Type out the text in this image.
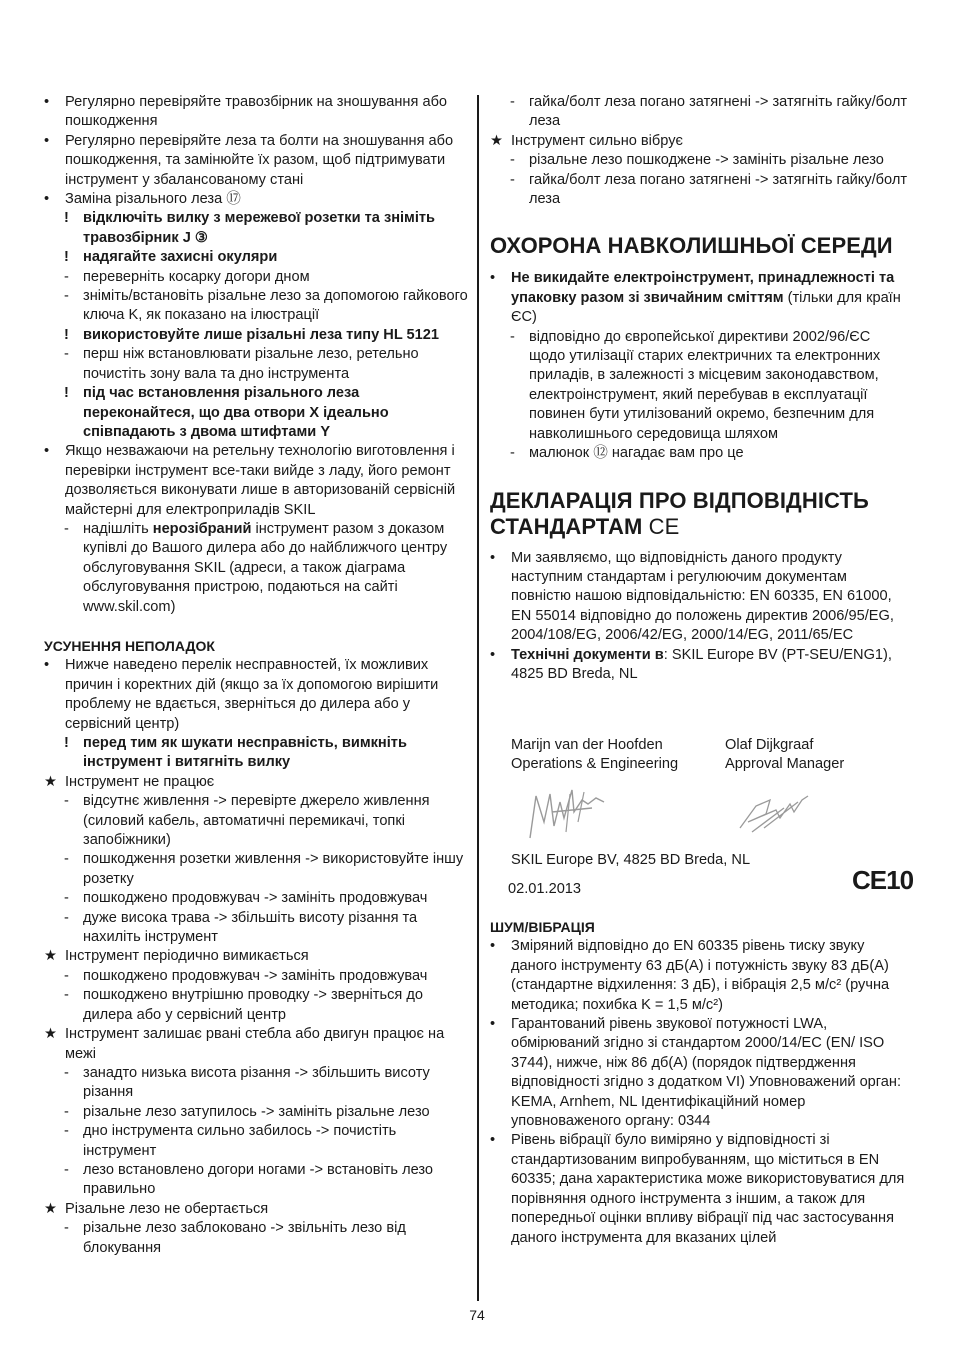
•	Регулярно перевіряйте травозбірник на зношування або пошкодження
•	Регулярно перевіряйте леза та болти на зношування або пошкодження, та замінюйте їх разом, щоб підтримувати інструмент у збалансованому стані
•	Заміна різального леза ⑰
! відключіть вилку з мережевої розетки та зніміть травозбірник J ③
! надягайте захисні окуляри
- переверніть косарку догори дном
- зніміть/встановіть різальне лезо за допомогою гайкового ключа K, як показано на ілюстрації
! використовуйте лише різальні леза типу HL 5121
- перш ніж встановлювати різальне лезо, ретельно почистіть зону вала та дно інструмента
! під час встановлення різального леза переконайтеся, що два отвори X ідеально співпадають з двома штифтами Y
•	Якщо незважаючи на ретельну технологію виготовлення і перевірки інструмент все-таки вийде з ладу, його ремонт дозволяється виконувати лише в авторизованій сервісній майстерні для електроприладів SKIL
- надішліть нерозібраний інструмент разом з доказом купівлі до Вашого дилера або до найближчого центру обслуговування SKIL (адреси, а також діаграма обслуговування пристрою, подаються на сайті www.skil.com)
УСУНЕННЯ НЕПОЛАДОК
•	Нижче наведено перелік несправностей, їх можливих причин і коректних дій (якщо за їх допомогою вирішити проблему не вдається, зверніться до дилера або у сервісний центр)
! перед тим як шукати несправність, вимкніть інструмент і витягніть вилку
★ Інструмент не працює
- відсутнє живлення -> перевірте джерело живлення (силовий кабель, автоматичні перемикачі, топкі запобіжники)
- пошкодження розетки живлення -> використовуйте іншу розетку
- пошкоджено продовжувач -> замініть продовжувач
- дуже висока трава -> збільшіть висоту різання та нахиліть інструмент
★ Інструмент періодично вимикається
- пошкоджено продовжувач -> замініть продовжувач
- пошкоджено внутрішню проводку -> зверніться до дилера або у сервісний центр
★ Інструмент залишає рвані стебла або двигун працює на межі
- занадто низька висота різання -> збільшить висоту різання
- різальне лезо затупилось -> замініть різальне лезо
- дно інструмента сильно забилось -> почистіть інструмент
- лезо встановлено догори ногами -> встановіть лезо правильно
★ Різальне лезо не обертається
- різальне лезо заблоковано -> звільніть лезо від блокування
- гайка/болт леза погано затягнені -> затягніть гайку/болт леза
★ Інструмент сильно вібрує
- різальне лезо пошкоджене -> замініть різальне лезо
- гайка/болт леза погано затягнені -> затягніть гайку/болт леза
ОХОРОНА НАВКОЛИШНЬОЇ СЕРЕДИ
•	Не викидайте електроінструмент, принадлежності та упаковку разом зі звичайним сміттям (тільки для країн ЄС)
- відповідно до європейської директиви 2002/96/ЄС щодо утилізації старих електричних та електронних приладів, в залежності з місцевим законодавством, електроінструмент, який перебував в експлуатації повинен бути утилізований окремо, безпечним для навколишнього середовища шляхом
- малюнок ⑫ нагадає вам про це
ДЕКЛАРАЦІЯ ПРО ВІДПОВІДНІСТЬ СТАНДАРТАМ CE
•	Ми заявляємо, що відповідність даного продукту наступним стандартам і регулюючим документам повністю нашою відповідальністю: EN 60335, EN 61000, EN 55014 відповідно до положень директив 2006/95/EG, 2004/108/EG, 2006/42/EG, 2000/14/EG, 2011/65/EC
•	Технічні документи в: SKIL Europe BV (PT-SEU/ENG1), 4825 BD Breda, NL
Marijn van der Hoofden
Operations & Engineering
Olaf Dijkgraaf
Approval Manager
SKIL Europe BV, 4825 BD Breda, NL
02.01.2013	CE10
ШУМ/ВІБРАЦІЯ
•	Зміряний відповідно до EN 60335 рівень тиску звуку даного інструменту 63 дБ(А) і потужність звуку 83 дБ(А) (стандартне відхилення: 3 дБ), і вібрація 2,5 м/с² (ручна методика; похибка K = 1,5 м/с²)
•	Гарантований рівень звукової потужності LWA, обмірюваний згідно зі стандартом 2000/14/EC (EN/ ISO 3744), нижче, ніж 86 дб(А) (порядок підтвердження відповідності згідно з додатком VI) Уповноважений орган: KEMA, Arnhem, NL Ідентифікаційний номер уповноваженого органу: 0344
•	Рівень вібрації було виміряно у відповідності зі стандартизованим випробуванням, що міститься в EN 60335; дана характеристика може використовуватися для порівняння одного інструмента з іншим, а також для попередньої оцінки впливу вібрації під час застосування даного інструмента для вказаних цілей
74
